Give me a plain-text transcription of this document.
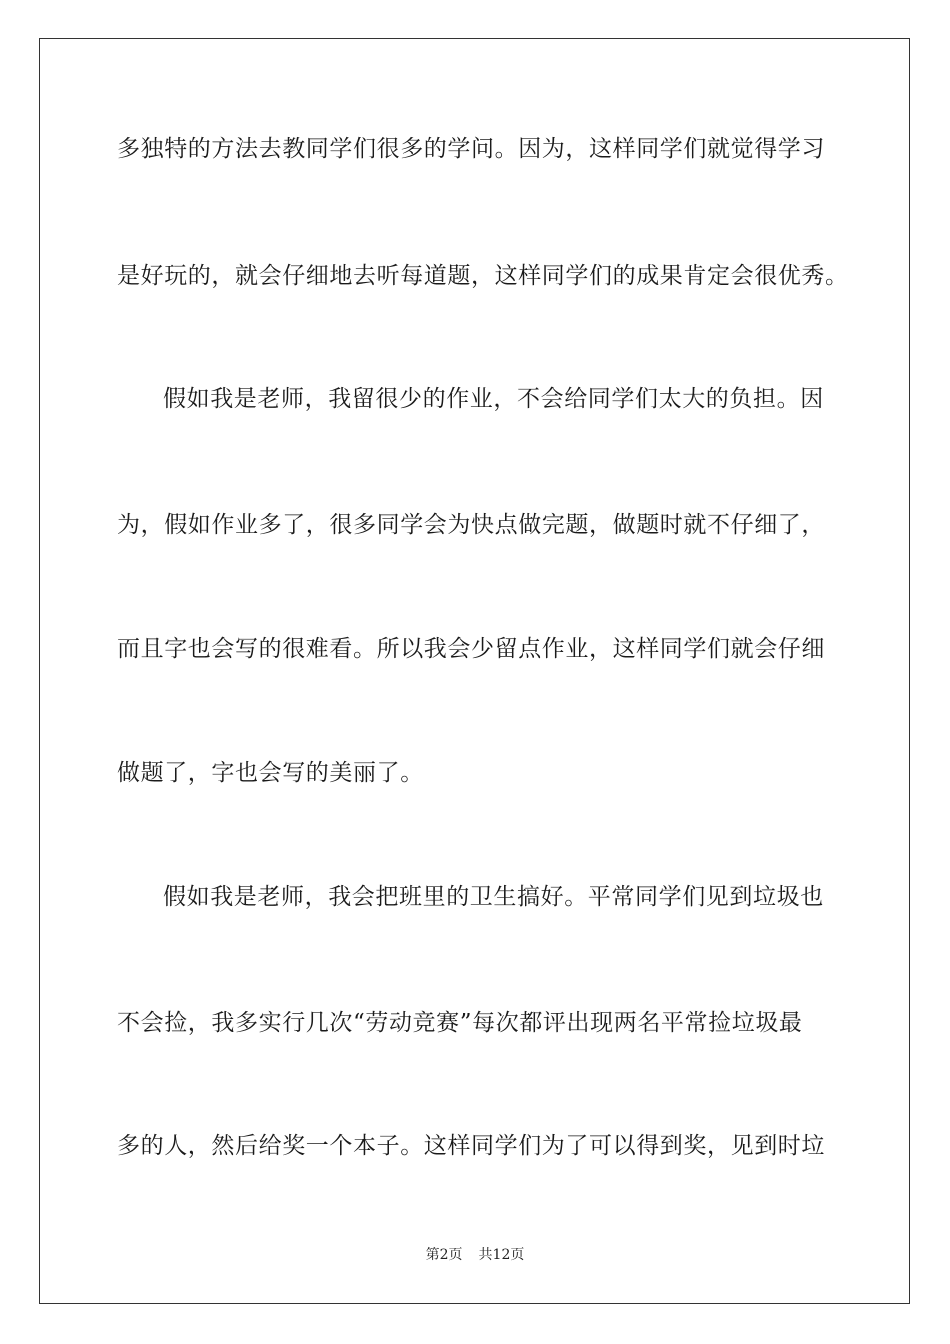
多独特的方法去教同学们很多的学问。因为，这样同学们就觉得学习
是好玩的，就会仔细地去听每道题，这样同学们的成果肯定会很优秀。
假如我是老师，我留很少的作业，不会给同学们太大的负担。因
为，假如作业多了，很多同学会为快点做完题，做题时就不仔细了，
而且字也会写的很难看。所以我会少留点作业，这样同学们就会仔细
做题了，字也会写的美丽了。
假如我是老师，我会把班里的卫生搞好。平常同学们见到垃圾也
不会捡，我多实行几次“劳动竞赛”每次都评出现两名平常捡垃圾最
多的人，然后给奖一个本子。这样同学们为了可以得到奖，见到时垃
第2页 共12页
